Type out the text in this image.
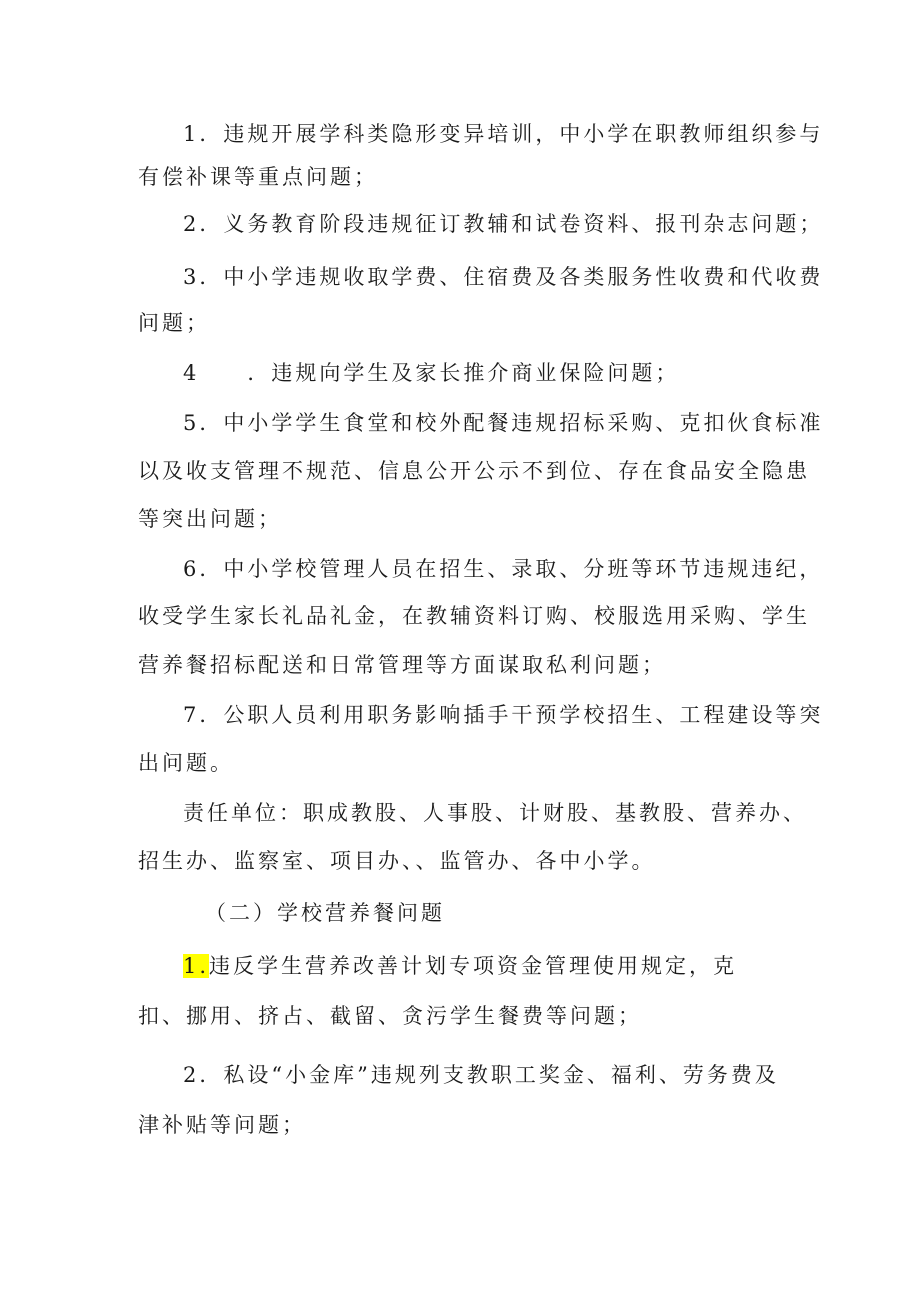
1．违规开展学科类隐形变异培训，中小学在职教师组织参与
有偿补课等重点问题；
2．义务教育阶段违规征订教辅和试卷资料、报刊杂志问题；
3．中小学违规收取学费、住宿费及各类服务性收费和代收费
问题；
4　　．违规向学生及家长推介商业保险问题；
5．中小学学生食堂和校外配餐违规招标采购、克扣伙食标准
以及收支管理不规范、信息公开公示不到位、存在食品安全隐患
等突出问题；
6．中小学校管理人员在招生、录取、分班等环节违规违纪，
收受学生家长礼品礼金，在教辅资料订购、校服选用采购、学生
营养餐招标配送和日常管理等方面谋取私利问题；
7．公职人员利用职务影响插手干预学校招生、工程建设等突
出问题。
责任单位：职成教股、人事股、计财股、基教股、营养办、
招生办、监察室、项目办、、监管办、各中小学。
（二）学校营养餐问题
1.违反学生营养改善计划专项资金管理使用规定，克
扣、挪用、挤占、截留、贪污学生餐费等问题；
2．私设“小金库”违规列支教职工奖金、福利、劳务费及
津补贴等问题；
